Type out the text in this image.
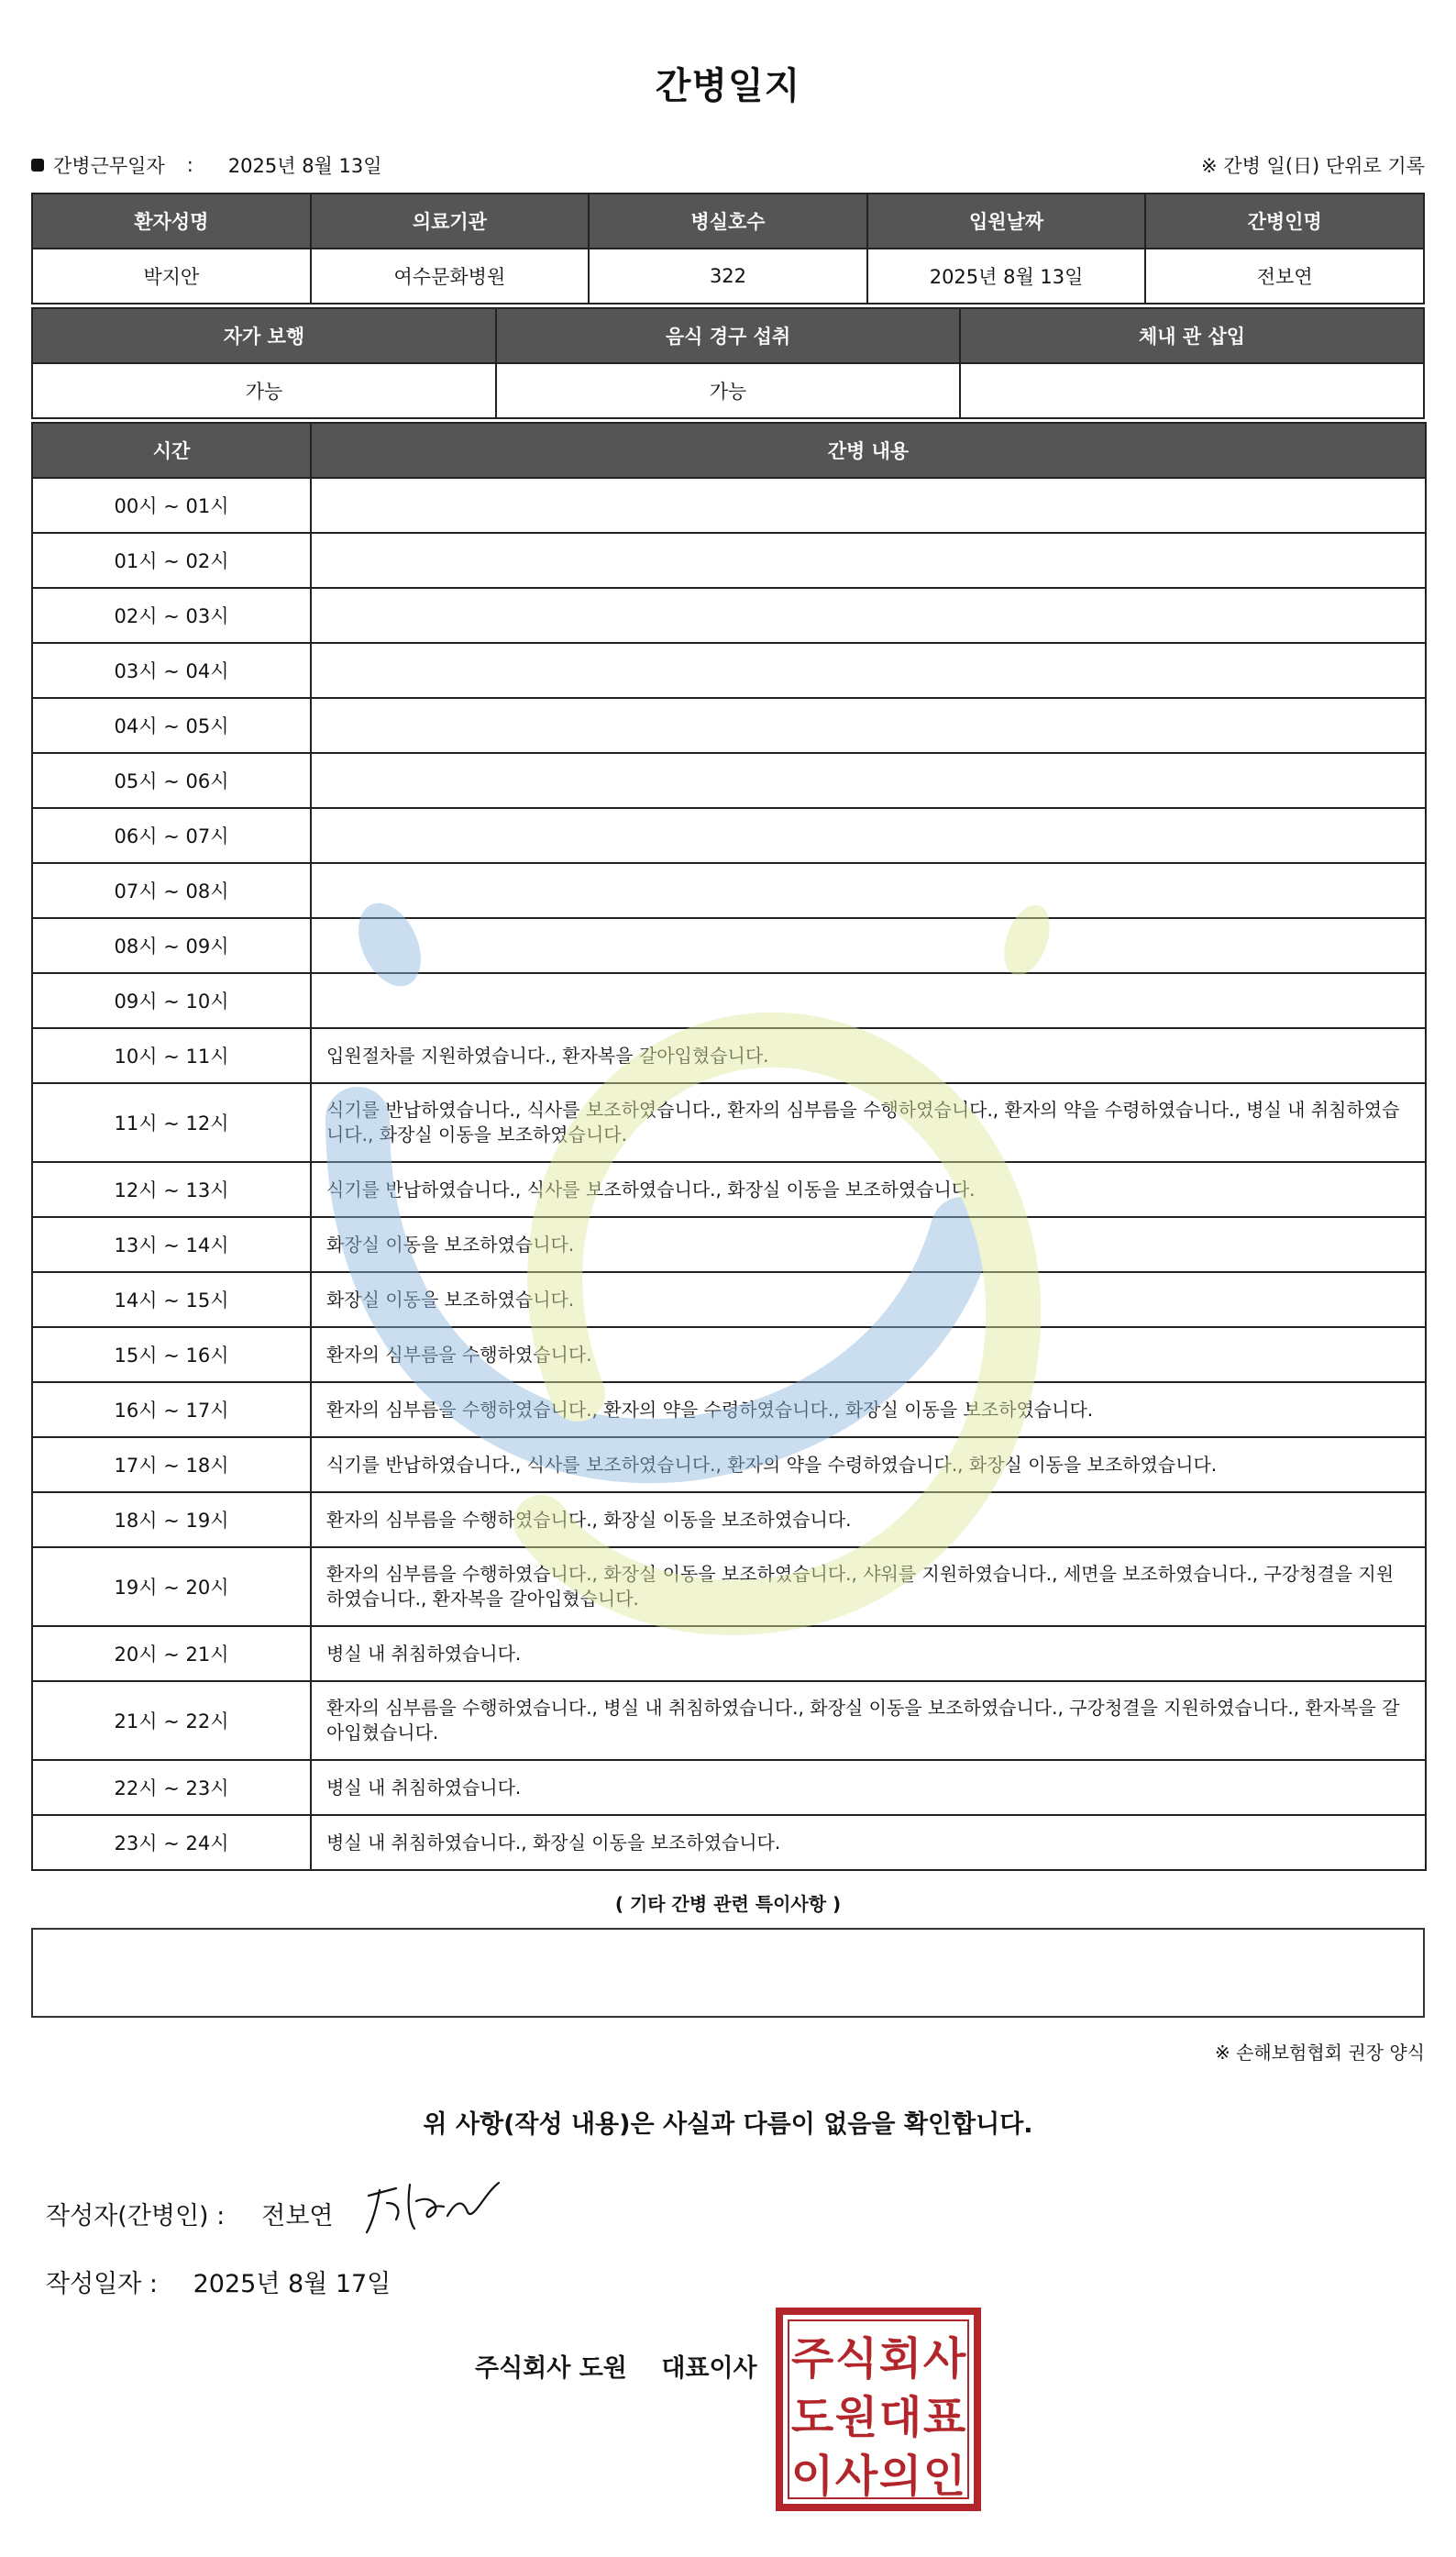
간병일지
간병근무일자 : 2025년 8월 13일	※ 간병 일(日) 단위로 기록
환자성명	의료기관	병실호수	입원날짜	간병인명
박지안	여수문화병원	322	2025년 8월 13일	전보연
자가 보행	음식 경구 섭취	체내 관 삽입
가능	가능	
시간	간병 내용
00시 ~ 01시	
01시 ~ 02시	
02시 ~ 03시	
03시 ~ 04시	
04시 ~ 05시	
05시 ~ 06시	
06시 ~ 07시	
07시 ~ 08시	
08시 ~ 09시	
09시 ~ 10시	
10시 ~ 11시	입원절차를 지원하였습니다., 환자복을 갈아입혔습니다.
11시 ~ 12시	식기를 반납하였습니다., 식사를 보조하였습니다., 환자의 심부름을 수행하였습니다., 환자의 약을 수령하였습니다., 병실 내 취침하였습니다., 화장실 이동을 보조하였습니다.
12시 ~ 13시	식기를 반납하였습니다., 식사를 보조하였습니다., 화장실 이동을 보조하였습니다.
13시 ~ 14시	화장실 이동을 보조하였습니다.
14시 ~ 15시	화장실 이동을 보조하였습니다.
15시 ~ 16시	환자의 심부름을 수행하였습니다.
16시 ~ 17시	환자의 심부름을 수행하였습니다., 환자의 약을 수령하였습니다., 화장실 이동을 보조하였습니다.
17시 ~ 18시	식기를 반납하였습니다., 식사를 보조하였습니다., 환자의 약을 수령하였습니다., 화장실 이동을 보조하였습니다.
18시 ~ 19시	환자의 심부름을 수행하였습니다., 화장실 이동을 보조하였습니다.
19시 ~ 20시	환자의 심부름을 수행하였습니다., 화장실 이동을 보조하였습니다., 샤워를 지원하였습니다., 세면을 보조하였습니다., 구강청결을 지원하였습니다., 환자복을 갈아입혔습니다.
20시 ~ 21시	병실 내 취침하였습니다.
21시 ~ 22시	환자의 심부름을 수행하였습니다., 병실 내 취침하였습니다., 화장실 이동을 보조하였습니다., 구강청결을 지원하였습니다., 환자복을 갈아입혔습니다.
22시 ~ 23시	병실 내 취침하였습니다.
23시 ~ 24시	병실 내 취침하였습니다., 화장실 이동을 보조하였습니다.
( 기타 간병 관련 특이사항 )
※ 손해보험협회 권장 양식
위 사항(작성 내용)은 사실과 다름이 없음을 확인합니다.
작성자(간병인) : 전보연
작성일자 : 2025년 8월 17일
주식회사 도원 대표이사 주 식 회 사
도 원 대 표
이 사 의 인
